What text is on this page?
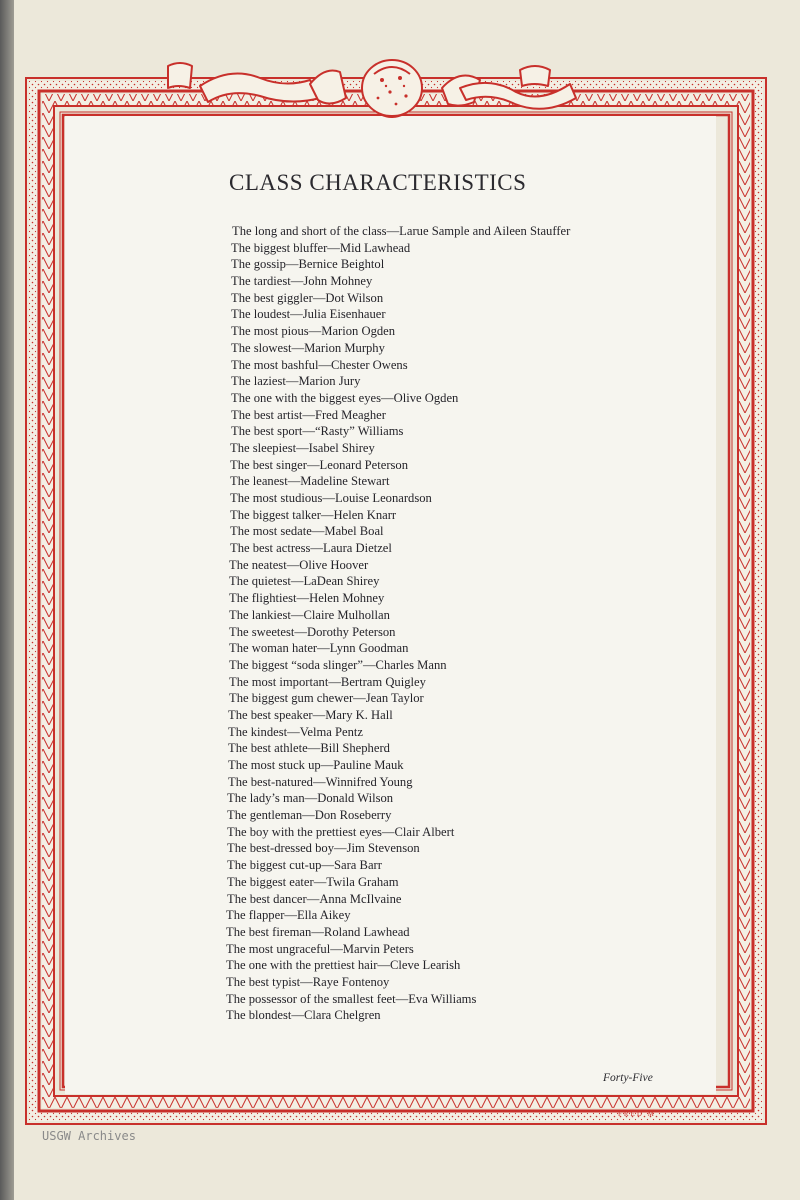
CLASS CHARACTERISTICS
The long and short of the class—Larue Sample and Aileen Stauffer
The biggest bluffer—Mid Lawhead
The gossip—Bernice Beightol
The tardiest—John Mohney
The best giggler—Dot Wilson
The loudest—Julia Eisenhauer
The most pious—Marion Ogden
The slowest—Marion Murphy
The most bashful—Chester Owens
The laziest—Marion Jury
The one with the biggest eyes—Olive Ogden
The best artist—Fred Meagher
The best sport—“Rasty” Williams
The sleepiest—Isabel Shirey
The best singer—Leonard Peterson
The leanest—Madeline Stewart
The most studious—Louise Leonardson
The biggest talker—Helen Knarr
The most sedate—Mabel Boal
The best actress—Laura Dietzel
The neatest—Olive Hoover
The quietest—LaDean Shirey
The flightiest—Helen Mohney
The lankiest—Claire Mulhollan
The sweetest—Dorothy Peterson
The woman hater—Lynn Goodman
The biggest “soda slinger”—Charles Mann
The most important—Bertram Quigley
The biggest gum chewer—Jean Taylor
The best speaker—Mary K. Hall
The kindest—Velma Pentz
The best athlete—Bill Shepherd
The most stuck up—Pauline Mauk
The best-natured—Winnifred Young
The lady’s man—Donald Wilson
The gentleman—Don Roseberry
The boy with the prettiest eyes—Clair Albert
The best-dressed boy—Jim Stevenson
The biggest cut-up—Sara Barr
The biggest eater—Twila Graham
The best dancer—Anna McIlvaine
The flapper—Ella Aikey
The best fireman—Roland Lawhead
The most ungraceful—Marvin Peters
The one with the prettiest hair—Cleve Learish
The best typist—Raye Fontenoy
The possessor of the smallest feet—Eva Williams
The blondest—Clara Chelgren

Forty-Five

FRED M

USGW Archives
